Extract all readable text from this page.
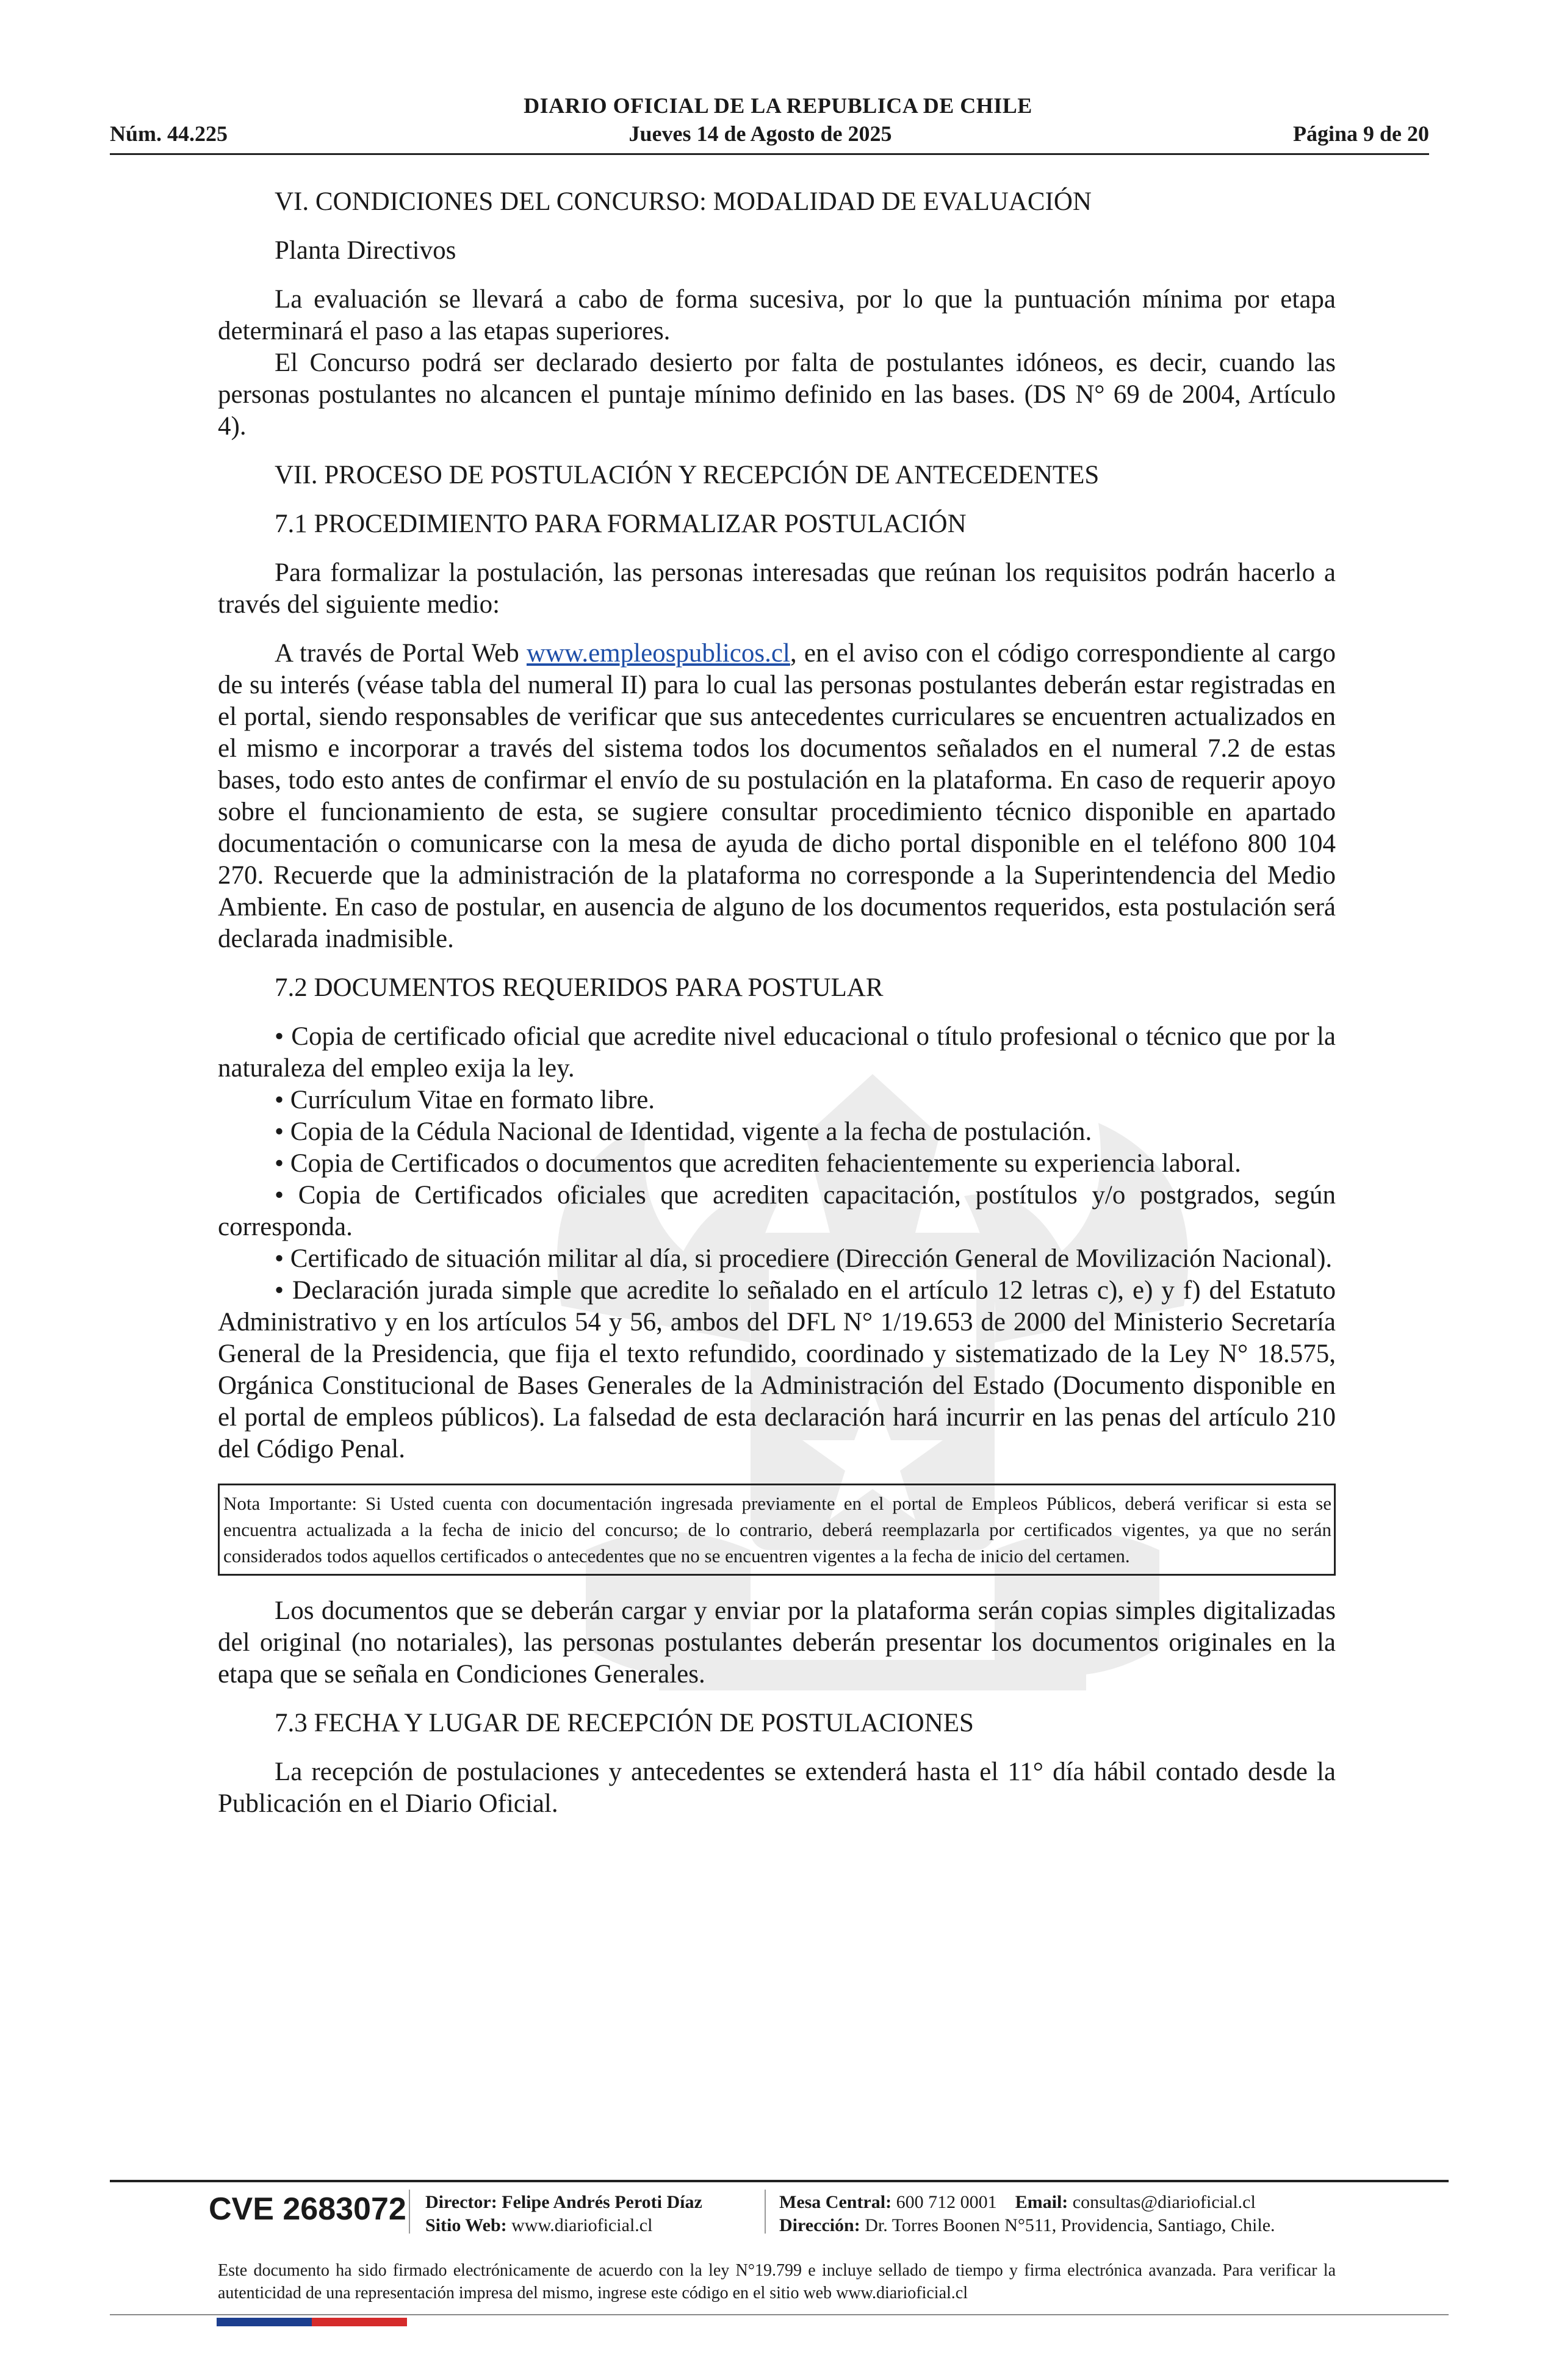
DIARIO OFICIAL DE LA REPUBLICA DE CHILE
Núm. 44.225	Jueves 14 de Agosto de 2025	Página 9 de 20

VI. CONDICIONES DEL CONCURSO: MODALIDAD DE EVALUACIÓN

Planta Directivos

La evaluación se llevará a cabo de forma sucesiva, por lo que la puntuación mínima por etapa determinará el paso a las etapas superiores.

El Concurso podrá ser declarado desierto por falta de postulantes idóneos, es decir, cuando las personas postulantes no alcancen el puntaje mínimo definido en las bases. (DS N° 69 de 2004, Artículo 4).

VII. PROCESO DE POSTULACIÓN Y RECEPCIÓN DE ANTECEDENTES

7.1 PROCEDIMIENTO PARA FORMALIZAR POSTULACIÓN

Para formalizar la postulación, las personas interesadas que reúnan los requisitos podrán hacerlo a través del siguiente medio:

A través de Portal Web www.empleospublicos.cl, en el aviso con el código correspondiente al cargo de su interés (véase tabla del numeral II) para lo cual las personas postulantes deberán estar registradas en el portal, siendo responsables de verificar que sus antecedentes curriculares se encuentren actualizados en el mismo e incorporar a través del sistema todos los documentos señalados en el numeral 7.2 de estas bases, todo esto antes de confirmar el envío de su postulación en la plataforma. En caso de requerir apoyo sobre el funcionamiento de esta, se sugiere consultar procedimiento técnico disponible en apartado documentación o comunicarse con la mesa de ayuda de dicho portal disponible en el teléfono 800 104 270. Recuerde que la administración de la plataforma no corresponde a la Superintendencia del Medio Ambiente. En caso de postular, en ausencia de alguno de los documentos requeridos, esta postulación será declarada inadmisible.

7.2 DOCUMENTOS REQUERIDOS PARA POSTULAR

• Copia de certificado oficial que acredite nivel educacional o título profesional o técnico que por la naturaleza del empleo exija la ley.

• Currículum Vitae en formato libre.

• Copia de la Cédula Nacional de Identidad, vigente a la fecha de postulación.

• Copia de Certificados o documentos que acrediten fehacientemente su experiencia laboral.

• Copia de Certificados oficiales que acrediten capacitación, postítulos y/o postgrados, según corresponda.

• Certificado de situación militar al día, si procediere (Dirección General de Movilización Nacional).

• Declaración jurada simple que acredite lo señalado en el artículo 12 letras c), e) y f) del Estatuto Administrativo y en los artículos 54 y 56, ambos del DFL N° 1/19.653 de 2000 del Ministerio Secretaría General de la Presidencia, que fija el texto refundido, coordinado y sistematizado de la Ley N° 18.575, Orgánica Constitucional de Bases Generales de la Administración del Estado (Documento disponible en el portal de empleos públicos). La falsedad de esta declaración hará incurrir en las penas del artículo 210 del Código Penal.

Nota Importante: Si Usted cuenta con documentación ingresada previamente en el portal de Empleos Públicos, deberá verificar si esta se encuentra actualizada a la fecha de inicio del concurso; de lo contrario, deberá reemplazarla por certificados vigentes, ya que no serán considerados todos aquellos certificados o antecedentes que no se encuentren vigentes a la fecha de inicio del certamen.

Los documentos que se deberán cargar y enviar por la plataforma serán copias simples digitalizadas del original (no notariales), las personas postulantes deberán presentar los documentos originales en la etapa que se señala en Condiciones Generales.

7.3 FECHA Y LUGAR DE RECEPCIÓN DE POSTULACIONES

La recepción de postulaciones y antecedentes se extenderá hasta el 11° día hábil contado desde la Publicación en el Diario Oficial.

CVE 2683072 Director: Felipe Andrés Peroti Díaz
Sitio Web: www.diarioficial.cl
Mesa Central: 600 712 0001 Email: consultas@diarioficial.cl
Dirección: Dr. Torres Boonen N°511, Providencia, Santiago, Chile.
Este documento ha sido firmado electrónicamente de acuerdo con la ley N°19.799 e incluye sellado de tiempo y firma electrónica avanzada. Para verificar la autenticidad de una representación impresa del mismo, ingrese este código en el sitio web www.diarioficial.cl
